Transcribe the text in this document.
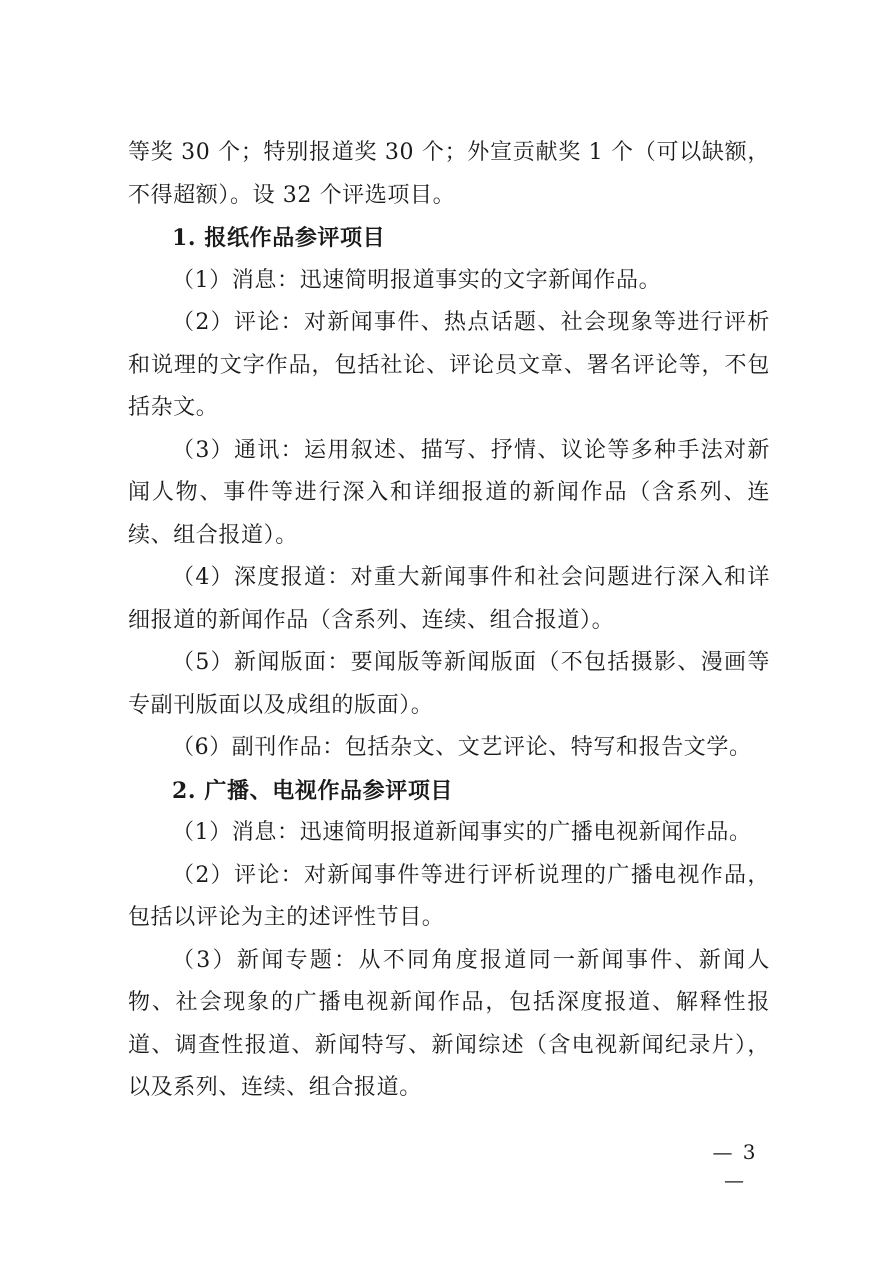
等奖 30 个；特别报道奖 30 个；外宣贡献奖 1 个（可以缺额，不得超额）。设 32 个评选项目。

1. 报纸作品参评项目

（1）消息：迅速简明报道事实的文字新闻作品。

（2）评论：对新闻事件、热点话题、社会现象等进行评析和说理的文字作品，包括社论、评论员文章、署名评论等，不包括杂文。

（3）通讯：运用叙述、描写、抒情、议论等多种手法对新闻人物、事件等进行深入和详细报道的新闻作品（含系列、连续、组合报道）。

（4）深度报道：对重大新闻事件和社会问题进行深入和详细报道的新闻作品（含系列、连续、组合报道）。

（5）新闻版面：要闻版等新闻版面（不包括摄影、漫画等专副刊版面以及成组的版面）。

（6）副刊作品：包括杂文、文艺评论、特写和报告文学。

2. 广播、电视作品参评项目

（1）消息：迅速简明报道新闻事实的广播电视新闻作品。

（2）评论：对新闻事件等进行评析说理的广播电视作品，包括以评论为主的述评性节目。

（3）新闻专题：从不同角度报道同一新闻事件、新闻人物、社会现象的广播电视新闻作品，包括深度报道、解释性报道、调查性报道、新闻特写、新闻综述（含电视新闻纪录片），以及系列、连续、组合报道。

— 3 —
